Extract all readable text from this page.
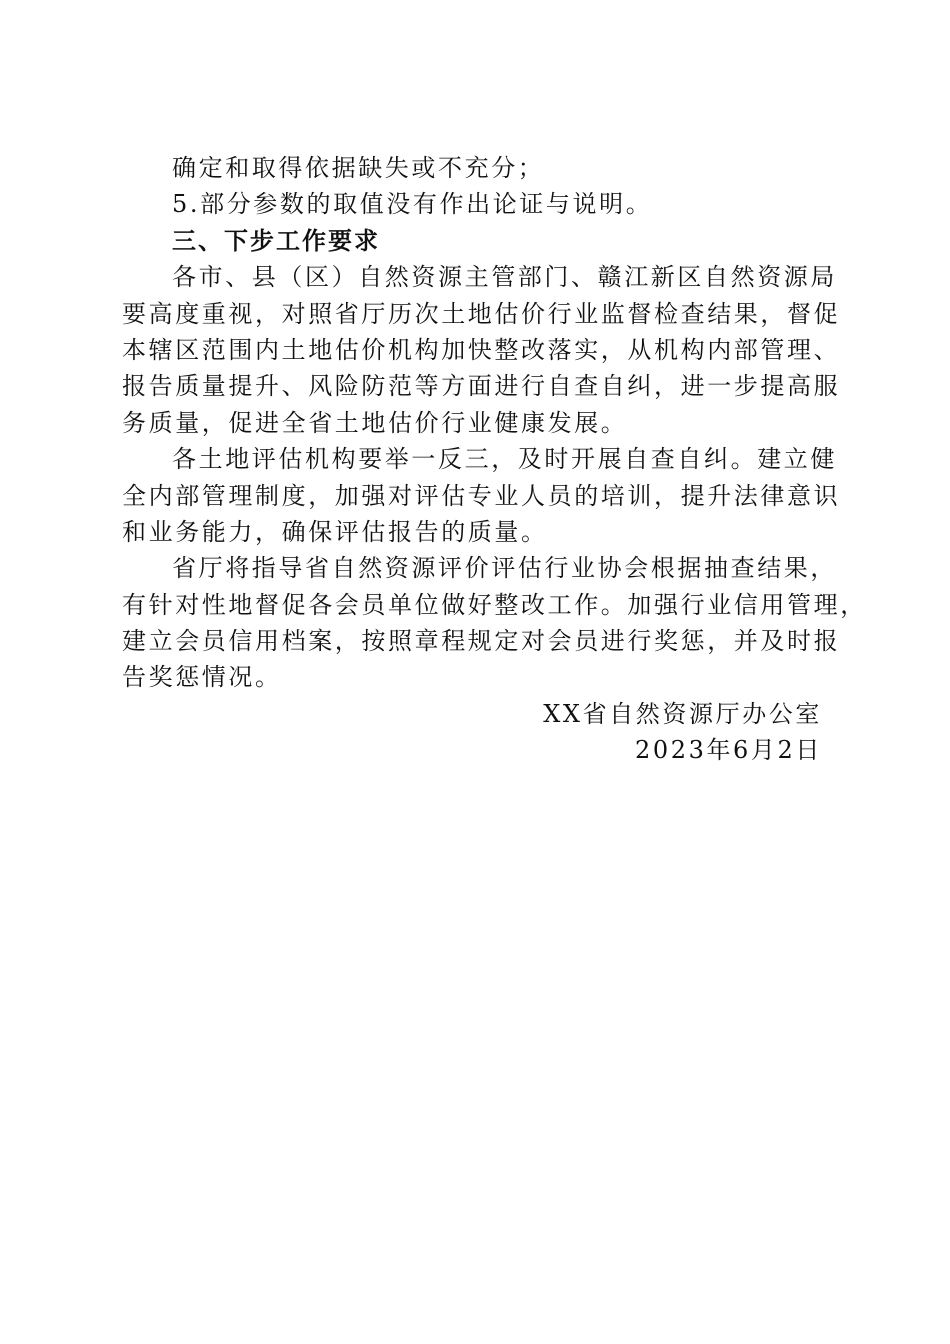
确定和取得依据缺失或不充分；
5.部分参数的取值没有作出论证与说明。
三、下步工作要求
各市、县（区）自然资源主管部门、赣江新区自然资源局
要高度重视，对照省厅历次土地估价行业监督检查结果，督促
本辖区范围内土地估价机构加快整改落实，从机构内部管理、
报告质量提升、风险防范等方面进行自查自纠，进一步提高服
务质量，促进全省土地估价行业健康发展。
各土地评估机构要举一反三，及时开展自查自纠。建立健
全内部管理制度，加强对评估专业人员的培训，提升法律意识
和业务能力，确保评估报告的质量。
省厅将指导省自然资源评价评估行业协会根据抽查结果，
有针对性地督促各会员单位做好整改工作。加强行业信用管理，
建立会员信用档案，按照章程规定对会员进行奖惩，并及时报
告奖惩情况。
XX省自然资源厅办公室
2023年6月2日
